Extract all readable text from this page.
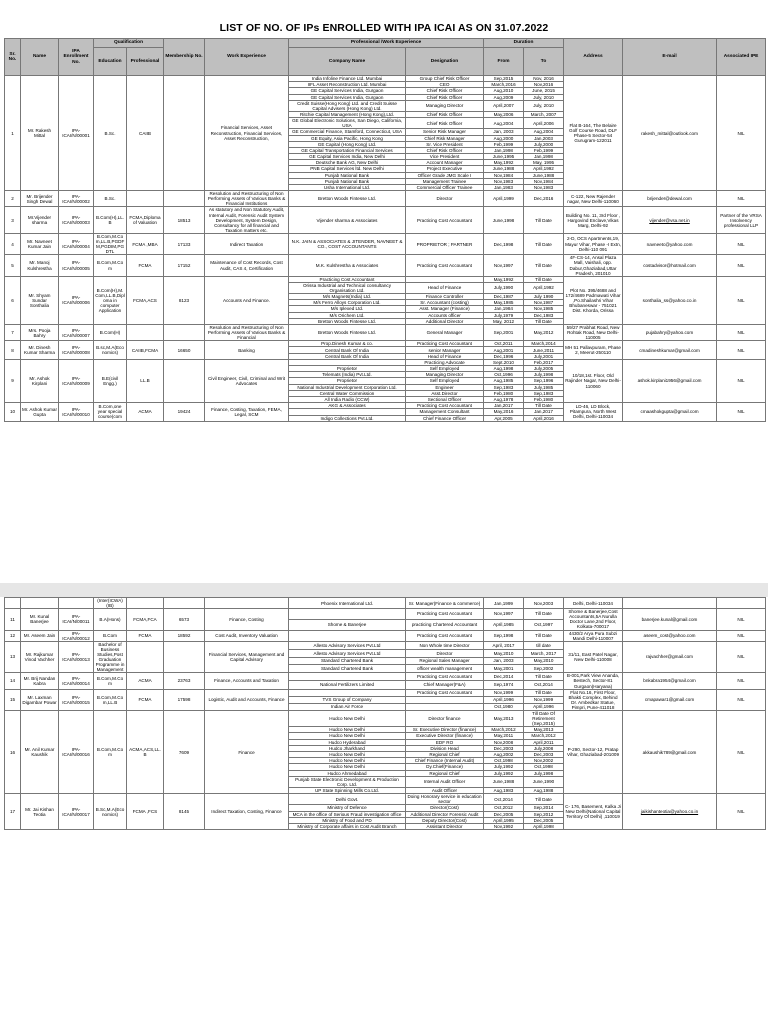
LIST OF NO. OF IPs ENROLLED WITH IPA ICAI AS ON 31.07.2022
Sr. No.	Name	IPA Enrollment No.	Qualification		Membership No.	Work Experience	Professional /Work Experience		Duration		Address	E-mail	Associated IPE
			Education	Professional			Company Name	Designation	From	To			
1	Mr. Rakesh Mittal	IPA-ICAI/N/00001	B.Sc.	CAIIB		Financial Services, Asset Reconstruction, Financial Services, Asset Reconstruction,	India Infoline Finance Ltd. Mumbai	Group Chief Risk Officer	Sep,2015	Nov, 2016	Flat B-164, The Belaire Golf Course Road, DLF Phase-5 Sector-54 Gurugram-122011	rakesh_mittal@outlook.com	NIL
							IIFL Asset Reconstruction Ltd. Mumbai	CEO	March,2016	Nov,2016			
							GE Capital Services India, Gurgaon	Chief Risk Officer	Aug,2010	June, 2015			
							GE Capital Services India, Gurgaon	Chief Risk Officer	Aug,2009	July, 2010			
							Credit Suisse(Hong Kong) Ltd. and Credit Suisse Capital Advisers (Hong Kong) Ltd.	Managing Director	April,2007	July, 2010			
							Ritchie Capital Management (Hong Kong),Ltd.	Chief Risk Officer	May,2006	March, 2007			
							GE Global Electronic Solutions, San Diego, California, USA	Chief Risk Officer	Aug,2004	April,2006			
							GE Commercial Finance, Stamford, Connecticut, USA	Senior Risk Manager	Jan, 2003	Aug,2004			
							GE Equity, Asia Pacific, Hong Kong	Chief Risk Manager	Aug,2000	Jan,2003			
							GE Capital (Hong Kong) Ltd.	Sr. Vice President	Feb,1999	July,2000			
							GE Capital Transportation Financial Services	Chief Risk Officer	Jan,1998	Feb,1999			
							GE Capital Services India, New Delhi	Vice President	June,1995	Jan,1998			
							Deutsche Bank AG, New Delhi	Account Manager	May,1992	May, 1995			
							PNB Capital Services ltd. New Delhi	Project Executive	June,1988	April,1992			
							Punjab National Bank	Officer Grade JMG Scale I	Nov,1984	June,1988			
							Punjab National Bank	Management Trainee	Nov,1983	Nov,1984			
							Usha International Ltd.	Commercial Officer Trainee	Jan,1983	Nov,1983			
2	Mr. Brijender Singh Dewal	IPA-ICAI/N/00002	B.Sc.			Resolution and Restructuring of Non Performing Assets of Various Banks & Financial Institutions	Bretton Woods Fintesse Ltd.	Director	April,1999	Dec,2016	C-122, New Rajender nagar, New Delhi-110060	brijender@dewal.com	NIL
3	Mr.Vijender sharma	IPA-ICAI/N/00003	B.Com(H),LL.B	FCMA,Diploma of Valuation	18513	As statutory and Non Statutory Audit, Internal Audit, Forensic Audit System Development, System Design, Consultancy for all financial and Taxation matters etc.	Vijender sharma & Associates	Practicing Cost Accountant	June,1998	Till Date	Building No. 11, 3rd Floor , Hargovind Enclave,Vikas Marg, Delhi-92	vijender@vsa.net.in	Partner of the VRSA Insolvency professional LLP
4	Mr. Navneet Kumar Jain	IPA-ICAI/N/00004	B.Com,M.Com,LL.B,PGDFM,PGDIM,PGDTL	FCMA ,MBA	17133	Indirect Taxation	N.K. JAIN & ASSOCIATES & JITENDER, NAVNEET & CO., COST ACCOUNTANTS	PROPRIETOR ; PARTNER	Dec,1998	Till Date	2-D, OCS Apartments,19, Mayur Vihar, Phase -I Extn, Delhi-110 091	navneetc@yahoo.com	NIL
5	Mr. Manoj Kulshrestha	IPA-ICAI/N/00005	B.Com,M.Com	FCMA	17152	Maintenance of Cost Records, Cost Audit, CAS 4, Certification	M.K. Kulshrestha & Associates	Practicing Cost Accountant	Nov,1997	Till Date	4F-CS-14, Ansal Plaza Mall, Vaishali, opp. Dabur,Ghaziabad,Uttar Pradesh, 201010	costadvisor@hotmail.com	NIL
6	Mr. Shyam Sundar Sonthalia	IPA-ICAI/N/00006	B.Com(H),M.Com,LL.B,Diploma in computer Application	FCMA,ACS	8123	Accounts And Finance.	Practicing Cost Accountant		May,1992	Till Date	Plot No. 395/4688 and 172/4689 Padmawati Vihar ,Po.Shailashri Vihar Bhubaneswar - 751021 Dist. Khorda, Orissa	sonthalia_ss@yahoo.co.in	NIL
							Orissa Industrial and Technical consultancy Organisation Ltd.	Head of Finance	July,1990	April,1992			
							M/s Magnets(India) Ltd.	Finance Controller	Dec,1987	July 1990			
							M/s Ferro Alloys Corporation Ltd.	Sr. Accountant (costing)	May,1985	Nov,1987			
							M/s Iplexed Ltd.	Asst. Manager (Finance)	Jan,1984	Nov,1985			
							M/s Orichem Ltd.	Accounts officer	July,1979	Dec,1983			
							Bretton Woods Fintesse Ltd.	Additional Director	May, 2012	Till Date			
7	Mrs. Pooja Bahry	IPA-ICAI/N/00007	B.Com(H)			Resolution and Restructuring of Non Performing Assets of Various Banks & Financial	Bretton Woods Fintesse Ltd.	General Manager	Sep,2001	May,2012	59/27 Prabhat Road, New Rohtak Road, New Delhi-110005	pujabahry@yahoo.com	NIL
8	Mr. Dinesh Kumar Sharma	IPA-ICAI/N/00008	B.sc,M.A(Economics)	CAIIB,FCMA	16650	Banking	Prop.Dinesh Kumar & co.	Practicing Cost Accountant	Oct,2011	March,2014	MH 51 Pallavpuram, Phase 2, Meerut-250110	cmadineshkumar@gmail.com	NIL
							Central Bank Of India	senior Manager	Aug,2001	June,2011			
							Central Bank Of India	Head of Finance	Dec,1996	July,2001			
9	Mr. Ashok Kirplani	IPA-ICAI/N/00009	B.E(civil Engg.)	LL.B		Civil Engineer, Civil, Criminal and Writ Advocates		Practicing Advocate	Sept.2010	Feb,2017	10/18,1st. Floor, Old Rajinder Nagar, New Delhi-110060	ashok.kirplani1956@gmail.com	NIL
							Proprietor	Self Employed	Aug,1998	July,2005			
							Telemats (India) Pvt.Ltd.	Managing Director	Oct,1996	July,1998			
							Proprietor	Self Employed	Aug,1985	Sep,1996			
							National Industrial Development Corporation Ltd.	Engineer	Sep,1983	July,1985			
							Central Water Commission	Asst.Director	Feb,1980	Sep,1983			
							All India Radio (CCW)	Sectional Officer	Aug,1978	Feb,1980			
10	Mr. Ashok Kumar Gupta	IPA-ICAI/N/00010	B.Com,one year special course(com	ACMA	19424	Finance, Costing, Taxation, FEMA, Legal, SCM	AKG & Associates	Practicing Cost Accountant	Jan,2017	Till Date	LD-46, LD Block, Pitampura, North West Delhi, Delhi-110034	cmaashokgupta@gmail.com	NIL
								Management Consultant	May,2016	Jan,2017			
							Indigo Collections Pvt.Ltd.	Chief Finance Officer	Apr,2005	April,2016			
			(Inter(ICWA) (IB)				Phoenix International Ltd.	Sr. Manager(Finance & commerce)	Jan,1999	Nov,2003	Delhi, Delhi-110034		
11	Mr. Kunal Banerjee	IPA-ICAI/N/00011	B.A(Hons)	FCMA,FCA	6573	Finance, Costing		Practicing Cost Accountant	Nov,1997	Till Date	Shome & Banerjee,Cost Accountants,5A Nurulla Doctor Lane,2nd Floor, Kolkata-700017	banerjee.kunal@gmail.com	NIL
							Shome & Banerjee	practicing Chartered Accountant	April,1985	Oct,1997			
12	Mr. Aseem Jain	IPA-ICAI/N/00012	B.Com	FCMA	18592	Cost Audit, Inventory Valuation		Practicing Cost Accountant	Sep,1998	Till Date	4430/2 Arya Pura Subzi Mandi Delhi-110007	aseem_cost@yahoo.com	NIL
13	Mr. Rajkumar Vinod Vachher	IPA-ICAI/N/00013	Bachelor of Business Studies,Post Graduation Programme in Management			Financial Services, Management and Capital Advisory	Allesto Advisory Services Pvt.Ltd	Non Whole time Director	April, 2017	till date	31/11, East Patel Nagar, New Delhi-110008	rajvachher@gmail.com	NIL
							Allesto Advisory Services Pvt.Ltd	Director	May,2010	March, 2017			
							Standard Chartered Bank	Regional Sales Manager	Jan, 2003	May,2010			
							Standard Chartered Bank	officer wealth management	May,2001	Sep,2002			
14	Mr. Brij Nandan Kabra	IPA-ICAI/N/00014	B.Com,M.Com	ACMA	23763	Finance, Accounts and Taxation		Practicing Cost Accountant	Dec,2014	Till Date	B-001,Park View Ananda, Bestech, Sector-81 Gurgaon(Haryana)	bnkabra1954@gmail.com	NIL
							National Fertilizers Limited	Chief Manager(F&A)	Sep,1974	Oct,2014			
15	Mr. Laxman Digambar Powar	IPA-ICAI/N/00015	B.Com,M.Com,LL.B	FCMA	17598	Logistic, Audit and Accounts, Finance		Practicing Cost Accountant	Nov,1999	Till Date	Flat No.16, First Floor, Bhakti Complex, Behind Dr. Ambedkar Statue, Pimpri, Pune-411018	cmapawar1@gmail.com	NIL
							TVS Group of Company		April,1996	Nov,1999			
							Indian Air Force		Oct,1980	April,1996			
16	Mr. Anil Kumar Kaushik	IPA-ICAI/N/00016	B.Com,M.Com	ACMA,ACS,LL.B	7609	Finance	Hudco New Delhi	Director finance	May,2013	Till Date Of Retirement (Sep,2015)	P-290, Sector-12, Pratap Vihar, Ghaziabad-201009	akkaushik789@gmail.com	NIL
							Hudco New Delhi	Sr. Executive Director (finance)	March,2012	May,2013			
							Hudco New Delhi	Executive Director (finance)	May,2011	March,2012			
							Hudco Hyderabad	EDF RO	Nov,2008	April,2011			
							Hudco Jharkhand	Division Head	Dec,2003	July,2008			
							Hudco New Delhi	Regional Chief	Aug,2002	Dec,2003			
							Hudco New Delhi	Chief Finance (Internal Audit)	Oct,1998	Nov,2002			
							Hudco New Delhi	Dy.Chief(Finance)	July,1992	Oct,1998			
							Hudco Ahmedabad	Regional Chief	July,1992	July,1998			
							Punjab State Electronic Development & Production Corp. Ltd.	Internal Audit Officer	June,1988	June,1990			
							UP State Spinning Mills Co.Ltd.	Audit Officer	Aug,1983	Aug,1988			
17	Mr. Jai Kishan Teotia	IPA-ICAI/N/00017	B.Sc,M.A(Economics)	FCMA ,FCS	8145	Indirect Taxation, Costing, Finance	Delhi Govt.	Doing Honorary service in education sector	Oct,2014	Till Date	C- 176, Basement, Kalka Ji New Delhi(National Capital Territory Of Delhi) ,110019	jaikishanteotia@yahoo.co.in	NIL
							Ministry of Defence	Director(Cost)	Oct,2012	Sep,2014			
							MCA in the office of Serious Fraud investigation office	Additional Director Forensic Audit	Dec,2005	Sep,2012			
							Ministry of Food and PD	Deputy Director(Cost)	April,1995	Dec,2005			
							Ministry of Corporate affairs in Cost Audit Branch	Assistant Director	Nov,1992	April,1998			
